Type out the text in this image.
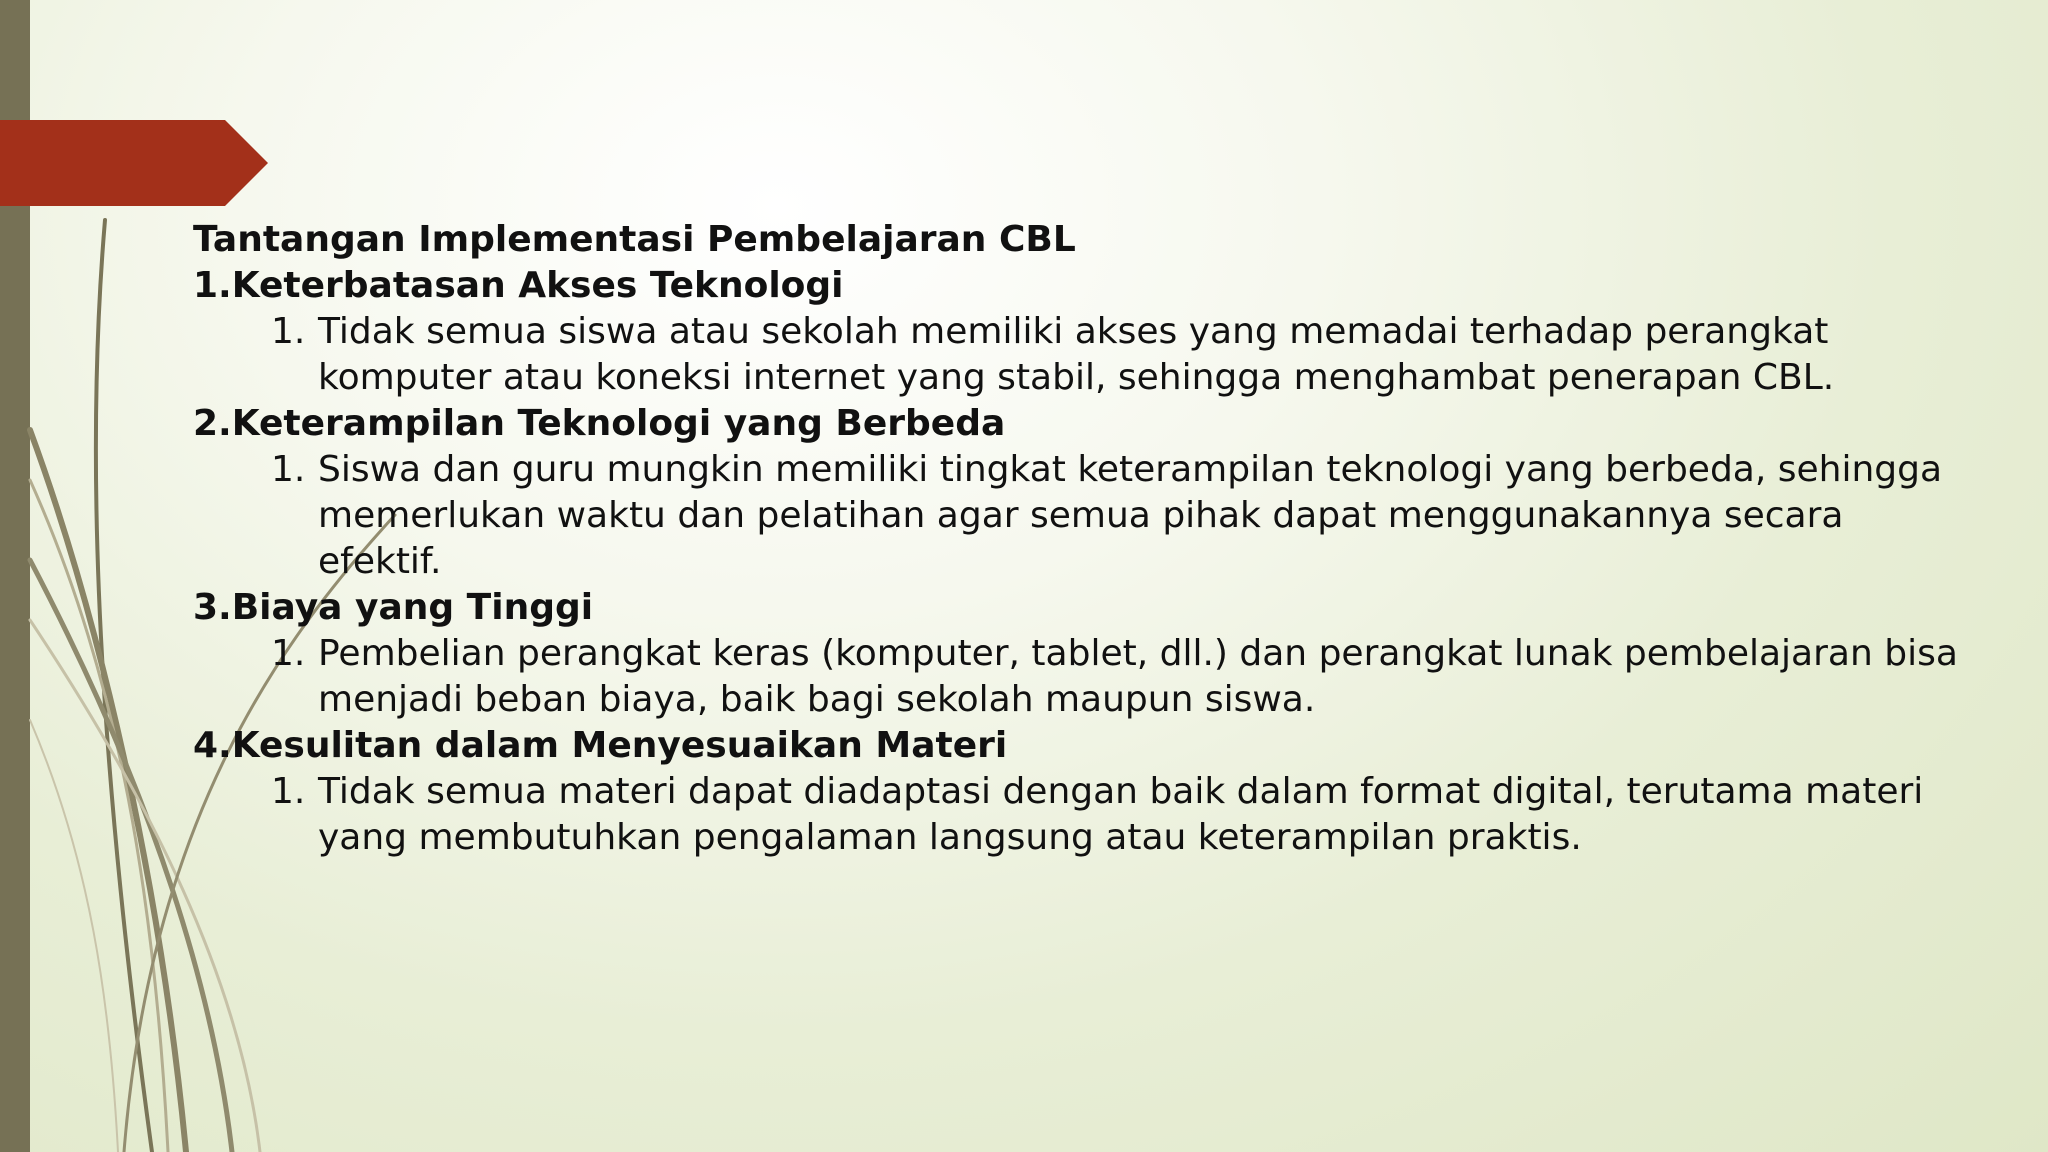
Tantangan Implementasi Pembelajaran CBL
1.Keterbatasan Akses Teknologi
1. Tidak semua siswa atau sekolah memiliki akses yang memadai terhadap perangkat komputer atau koneksi internet yang stabil, sehingga menghambat penerapan CBL.
2.Keterampilan Teknologi yang Berbeda
1. Siswa dan guru mungkin memiliki tingkat keterampilan teknologi yang berbeda, sehingga memerlukan waktu dan pelatihan agar semua pihak dapat menggunakannya secara efektif.
3.Biaya yang Tinggi
1. Pembelian perangkat keras (komputer, tablet, dll.) dan perangkat lunak pembelajaran bisa menjadi beban biaya, baik bagi sekolah maupun siswa.
4.Kesulitan dalam Menyesuaikan Materi
1. Tidak semua materi dapat diadaptasi dengan baik dalam format digital, terutama materi yang membutuhkan pengalaman langsung atau keterampilan praktis.
